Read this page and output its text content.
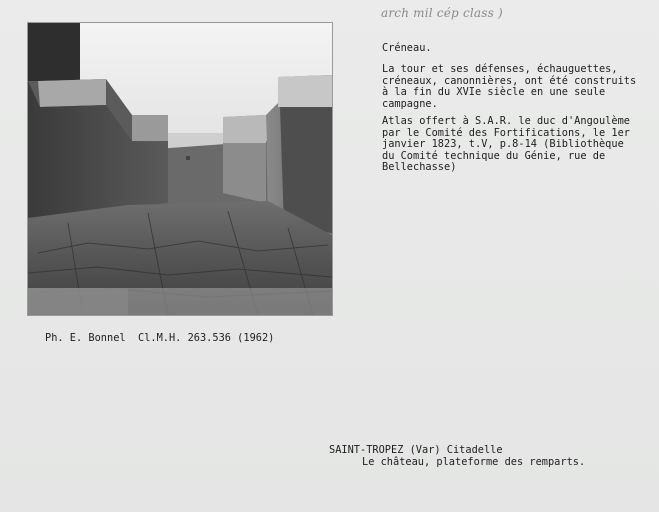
arch mil cép class )
Créneau.
La tour et ses défenses, échauguettes,
créneaux, canonnières, ont été construits
à la fin du XVIe siècle en une seule
campagne.
Atlas offert à S.A.R. le duc d'Angoulème
par le Comité des Fortifications, le 1er
janvier 1823, t.V, p.8-14 (Bibliothèque
du Comité technique du Génie, rue de
Bellechasse)
Ph. E. Bonnel  Cl.M.H. 263.536 (1962)
SAINT-TROPEZ (Var) Citadelle
Le château, plateforme des remparts.
